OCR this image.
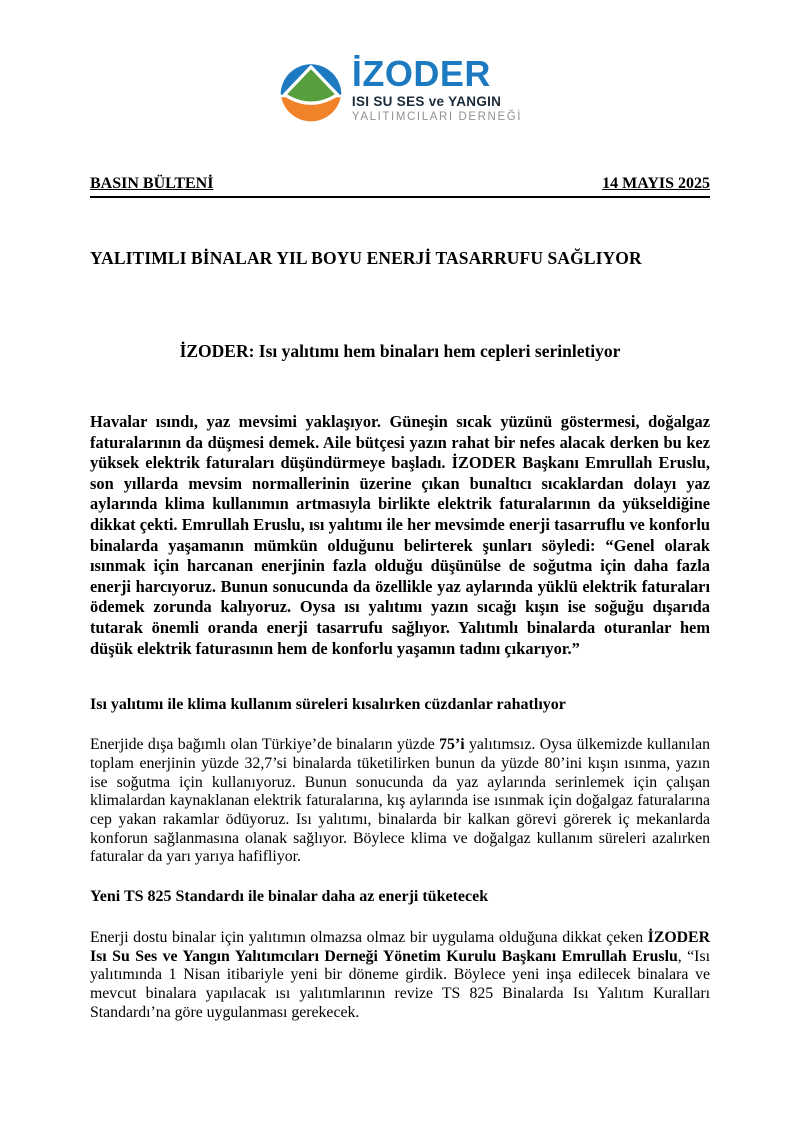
İZODER
ISI SU SES ve YANGIN
YALITIMCILARI DERNEĞİ
BASIN BÜLTENİ	14 MAYIS 2025
YALITIMLI BİNALAR YIL BOYU ENERJİ TASARRUFU SAĞLIYOR
İZODER: Isı yalıtımı hem binaları hem cepleri serinletiyor

Havalar ısındı, yaz mevsimi yaklaşıyor. Güneşin sıcak yüzünü göstermesi, doğalgaz faturalarının da düşmesi demek. Aile bütçesi yazın rahat bir nefes alacak derken bu kez yüksek elektrik faturaları düşündürmeye başladı. İZODER Başkanı Emrullah Eruslu, son yıllarda mevsim normallerinin üzerine çıkan bunaltıcı sıcaklardan dolayı yaz aylarında klima kullanımın artmasıyla birlikte elektrik faturalarının da yükseldiğine dikkat çekti. Emrullah Eruslu, ısı yalıtımı ile her mevsimde enerji tasarruflu ve konforlu binalarda yaşamanın mümkün olduğunu belirterek şunları söyledi: “Genel olarak ısınmak için harcanan enerjinin fazla olduğu düşünülse de soğutma için daha fazla enerji harcıyoruz. Bunun sonucunda da özellikle yaz aylarında yüklü elektrik faturaları ödemek zorunda kalıyoruz. Oysa ısı yalıtımı yazın sıcağı kışın ise soğuğu dışarıda tutarak önemli oranda enerji tasarrufu sağlıyor. Yalıtımlı binalarda oturanlar hem düşük elektrik faturasının hem de konforlu yaşamın tadını çıkarıyor.”

Isı yalıtımı ile klima kullanım süreleri kısalırken cüzdanlar rahatlıyor

Enerjide dışa bağımlı olan Türkiye’de binaların yüzde 75’i yalıtımsız. Oysa ülkemizde kullanılan toplam enerjinin yüzde 32,7’si binalarda tüketilirken bunun da yüzde 80’ini kışın ısınma, yazın ise soğutma için kullanıyoruz. Bunun sonucunda da yaz aylarında serinlemek için çalışan klimalardan kaynaklanan elektrik faturalarına, kış aylarında ise ısınmak için doğalgaz faturalarına cep yakan rakamlar ödüyoruz. Isı yalıtımı, binalarda bir kalkan görevi görerek iç mekanlarda konforun sağlanmasına olanak sağlıyor. Böylece klima ve doğalgaz kullanım süreleri azalırken faturalar da yarı yarıya hafifliyor.

Yeni TS 825 Standardı ile binalar daha az enerji tüketecek

Enerji dostu binalar için yalıtımın olmazsa olmaz bir uygulama olduğuna dikkat çeken İZODER Isı Su Ses ve Yangın Yalıtımcıları Derneği Yönetim Kurulu Başkanı Emrullah Eruslu, “Isı yalıtımında 1 Nisan itibariyle yeni bir döneme girdik. Böylece yeni inşa edilecek binalara ve mevcut binalara yapılacak ısı yalıtımlarının revize TS 825 Binalarda Isı Yalıtım Kuralları Standardı’na göre uygulanması gerekecek.
